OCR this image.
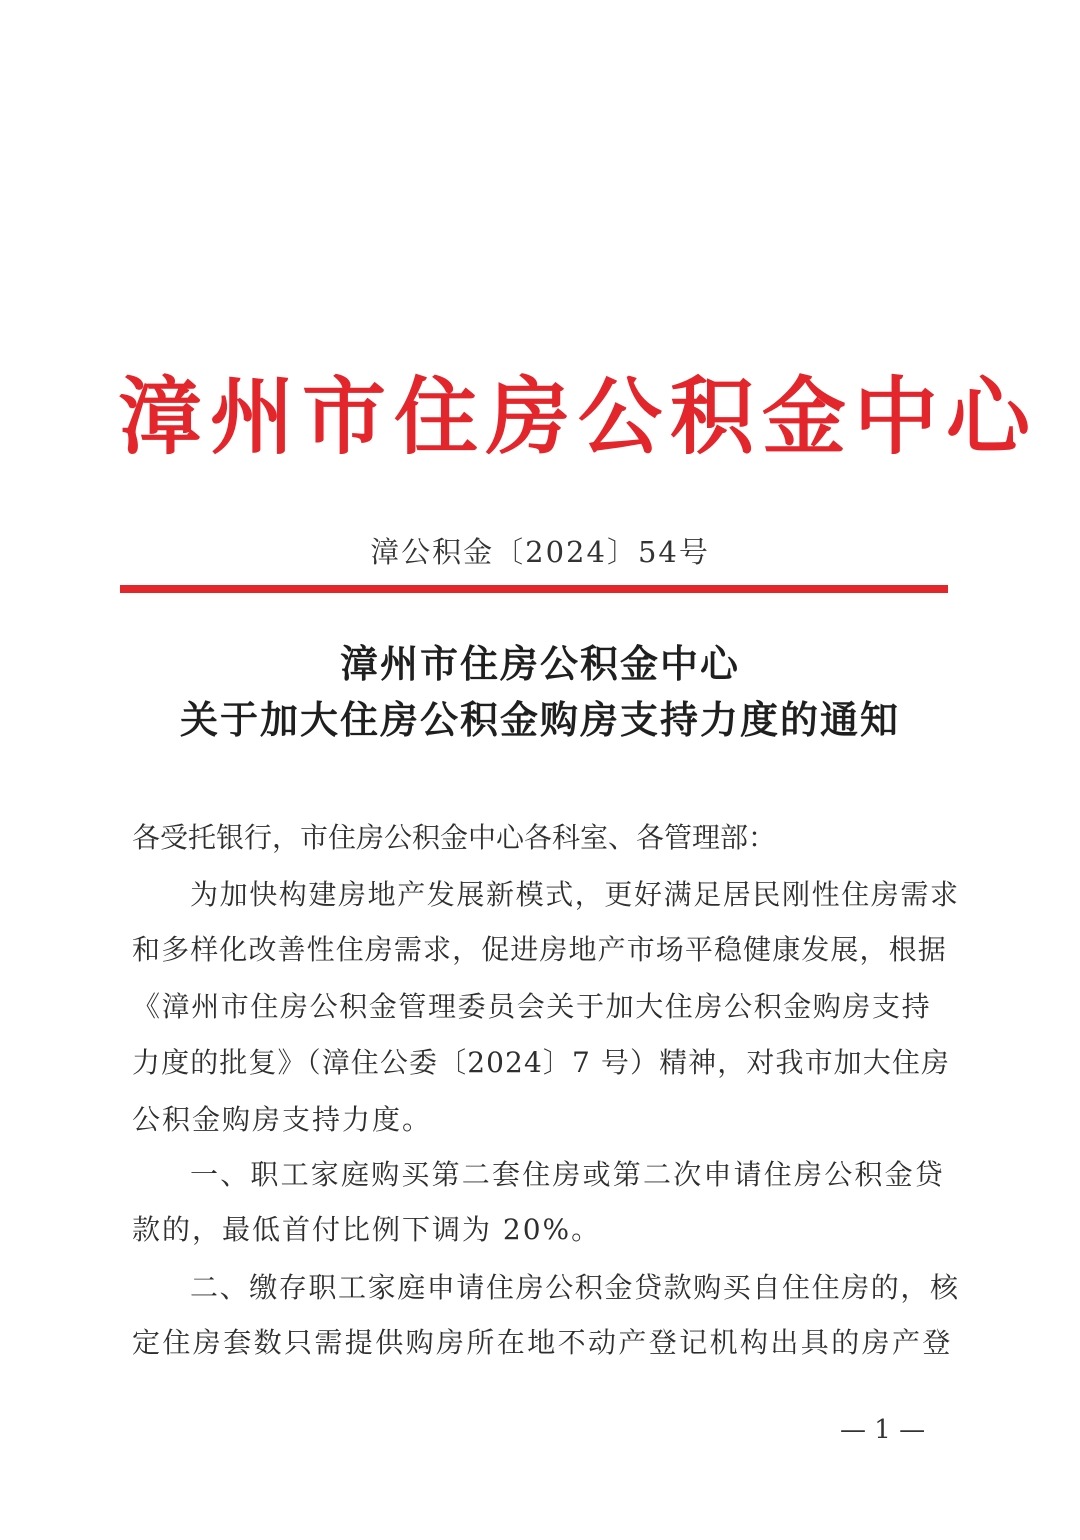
漳州市住房公积金中心
漳公积金〔2024〕54号
漳州市住房公积金中心
关于加大住房公积金购房支持力度的通知
各受托银行，市住房公积金中心各科室、各管理部：
为加快构建房地产发展新模式，更好满足居民刚性住房需求
和多样化改善性住房需求，促进房地产市场平稳健康发展，根据
《漳州市住房公积金管理委员会关于加大住房公积金购房支持
力度的批复》（漳住公委〔2024〕7 号）精神，对我市加大住房
公积金购房支持力度。
一、职工家庭购买第二套住房或第二次申请住房公积金贷
款的，最低首付比例下调为 20%。
二、缴存职工家庭申请住房公积金贷款购买自住住房的，核
定住房套数只需提供购房所在地不动产登记机构出具的房产登
— 1 —
